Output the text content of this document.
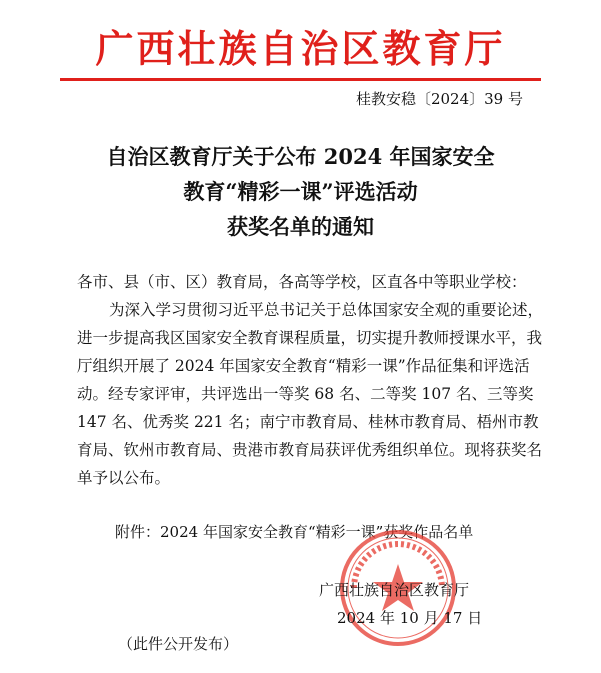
广西壮族自治区教育厅
桂教安稳〔2024〕39 号
自治区教育厅关于公布 2024 年国家安全
教育“精彩一课”评选活动
获奖名单的通知
各市、县（市、区）教育局，各高等学校，区直各中等职业学校：
为深入学习贯彻习近平总书记关于总体国家安全观的重要论述，进一步提高我区国家安全教育课程质量，切实提升教师授课水平，我厅组织开展了 2024 年国家安全教育“精彩一课”作品征集和评选活动。经专家评审，共评选出一等奖 68 名、二等奖 107 名、三等奖 147 名、优秀奖 221 名；南宁市教育局、桂林市教育局、梧州市教育局、钦州市教育局、贵港市教育局获评优秀组织单位。现将获奖名单予以公布。
附件：2024 年国家安全教育“精彩一课”获奖作品名单
广西壮族自治区教育厅
2024 年 10 月 17 日
（此件公开发布）
